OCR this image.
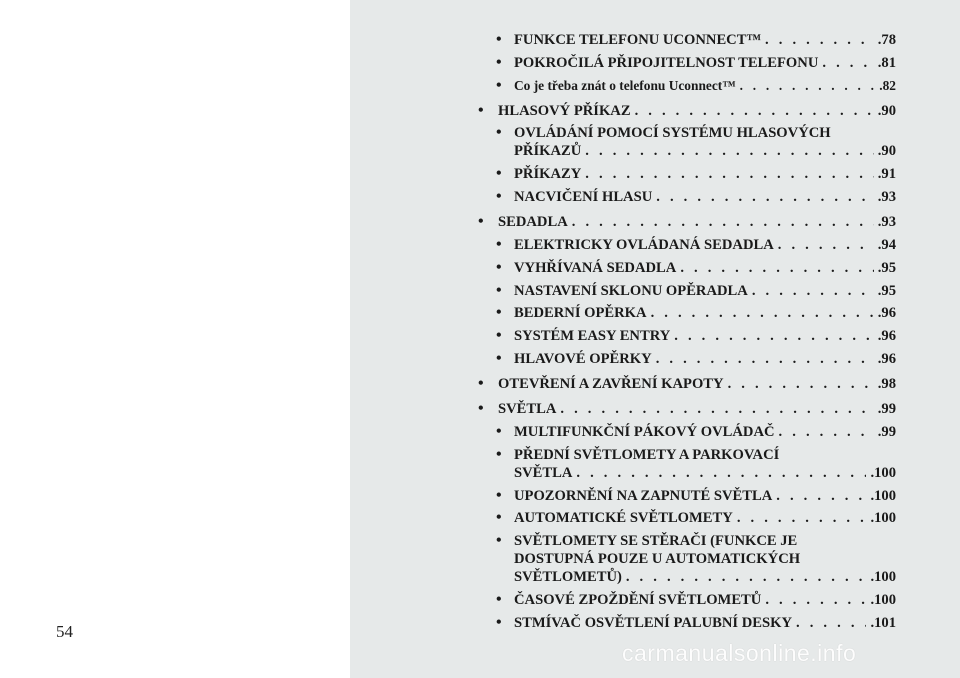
54
• FUNKCE TELEFONU UCONNECT™ . . .	.78
• POKROČILÁ PŘIPOJITELNOST TELEFONU . . .	.81
• Co je třeba znát o telefonu Uconnect™ . . .	.82
• HLASOVÝ PŘÍKAZ . . .	.90
• OVLÁDÁNÍ POMOCÍ SYSTÉMU HLASOVÝCH
PŘÍKAZŮ . . .	.90
• PŘÍKAZY . . .	.91
• NACVIČENÍ HLASU . . .	.93
• SEDADLA . . .	.93
• ELEKTRICKY OVLÁDANÁ SEDADLA . . .	.94
• VYHŘÍVANÁ SEDADLA . . .	.95
• NASTAVENÍ SKLONU OPĚRADLA . . .	.95
• BEDERNÍ OPĚRKA . . .	.96
• SYSTÉM EASY ENTRY . . .	.96
• HLAVOVÉ OPĚRKY . . .	.96
• OTEVŘENÍ A ZAVŘENÍ KAPOTY . . .	.98
• SVĚTLA . . .	.99
• MULTIFUNKČNÍ PÁKOVÝ OVLÁDAČ . . .	.99
• PŘEDNÍ SVĚTLOMETY A PARKOVACÍ
SVĚTLA . . .	.100
• UPOZORNĚNÍ NA ZAPNUTÉ SVĚTLA . . .	.100
• AUTOMATICKÉ SVĚTLOMETY . . .	.100
• SVĚTLOMETY SE STĚRAČI (FUNKCE JE
DOSTUPNÁ POUZE U AUTOMATICKÝCH
SVĚTLOMETŮ) . . .	.100
• ČASOVÉ ZPOŽDĚNÍ SVĚTLOMETŮ . . .	.100
• STMÍVAČ OSVĚTLENÍ PALUBNÍ DESKY . . .	.101
carmanualsonline.info
